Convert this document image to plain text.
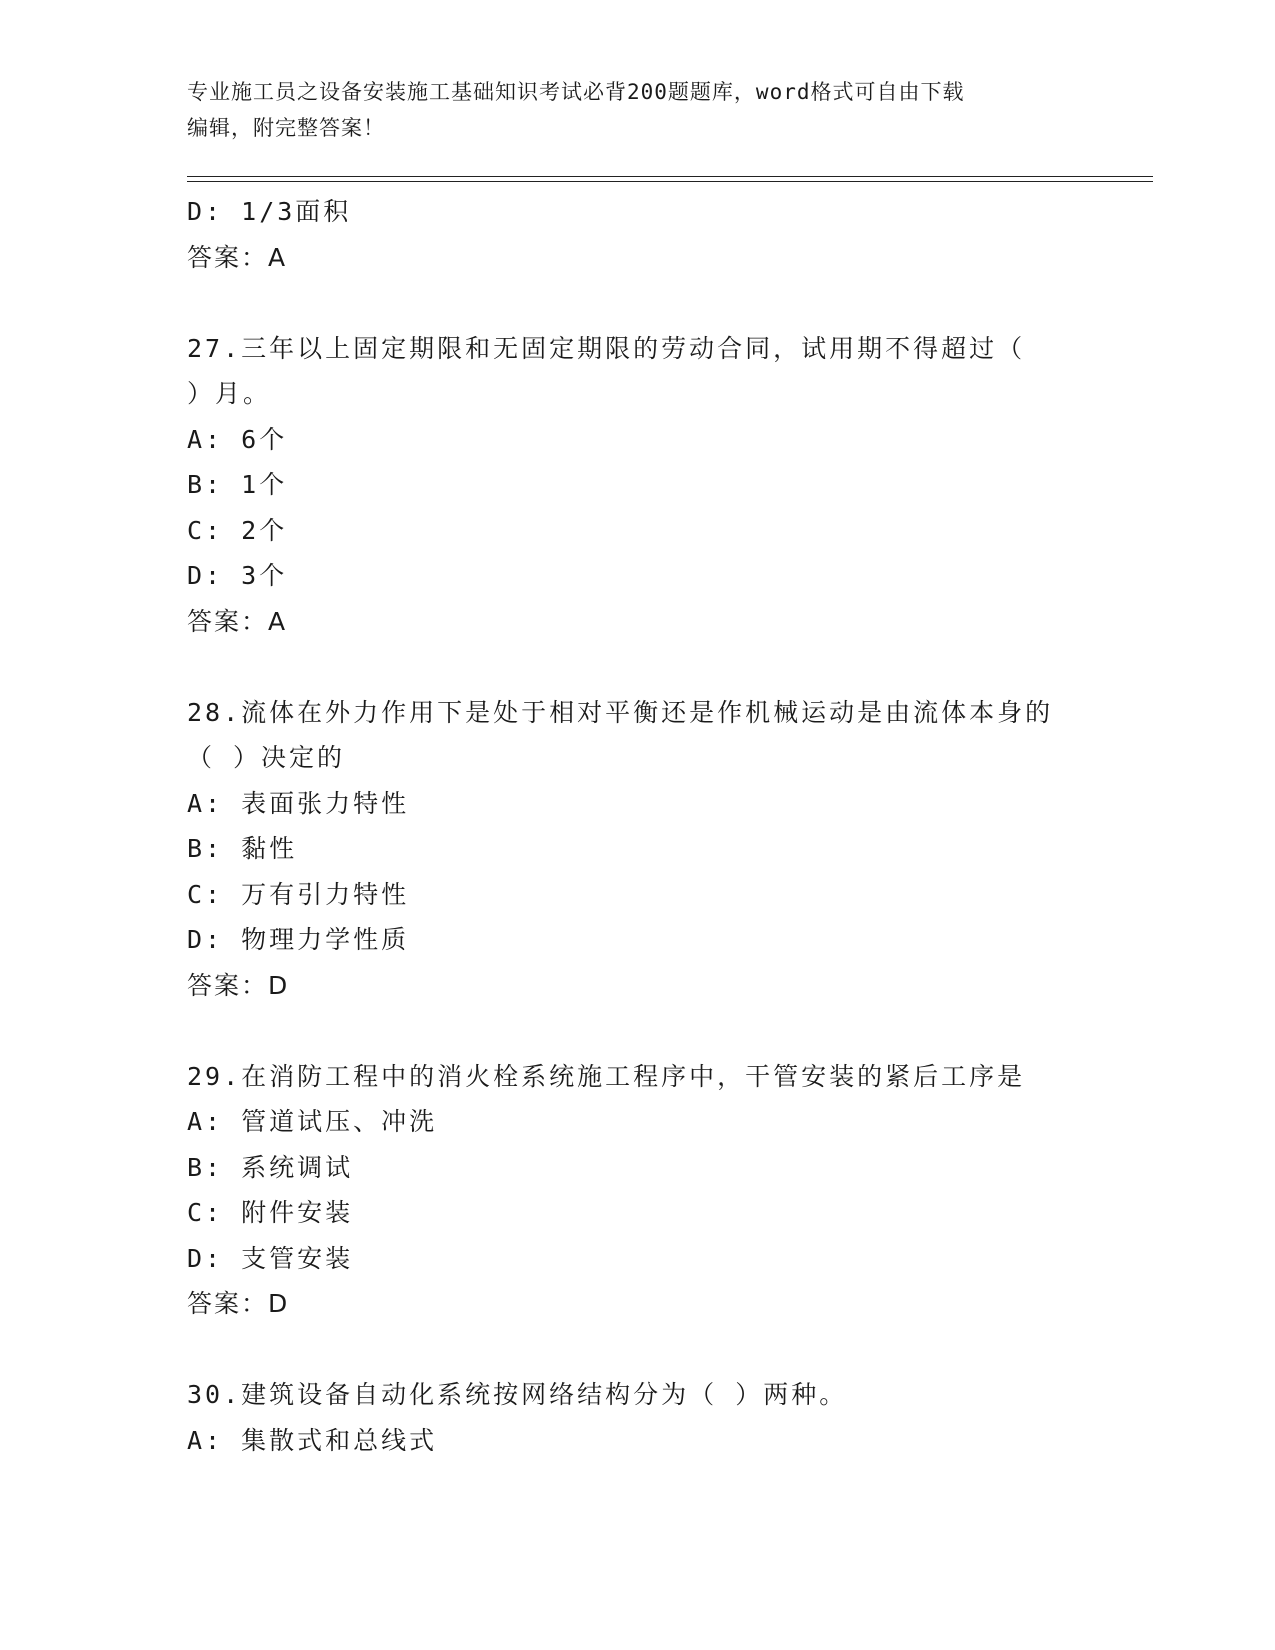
专业施工员之设备安装施工基础知识考试必背200题题库，word格式可自由下载
编辑，附完整答案！
D: 1/3面积
答案：A
27.三年以上固定期限和无固定期限的劳动合同，试用期不得超过（
）月。
A: 6个
B: 1个
C: 2个
D: 3个
答案：A
28.流体在外力作用下是处于相对平衡还是作机械运动是由流体本身的
（ ）决定的
A: 表面张力特性
B: 黏性
C: 万有引力特性
D: 物理力学性质
答案：D
29.在消防工程中的消火栓系统施工程序中，干管安装的紧后工序是
A: 管道试压、冲洗
B: 系统调试
C: 附件安装
D: 支管安装
答案：D
30.建筑设备自动化系统按网络结构分为（ ）两种。
A: 集散式和总线式
